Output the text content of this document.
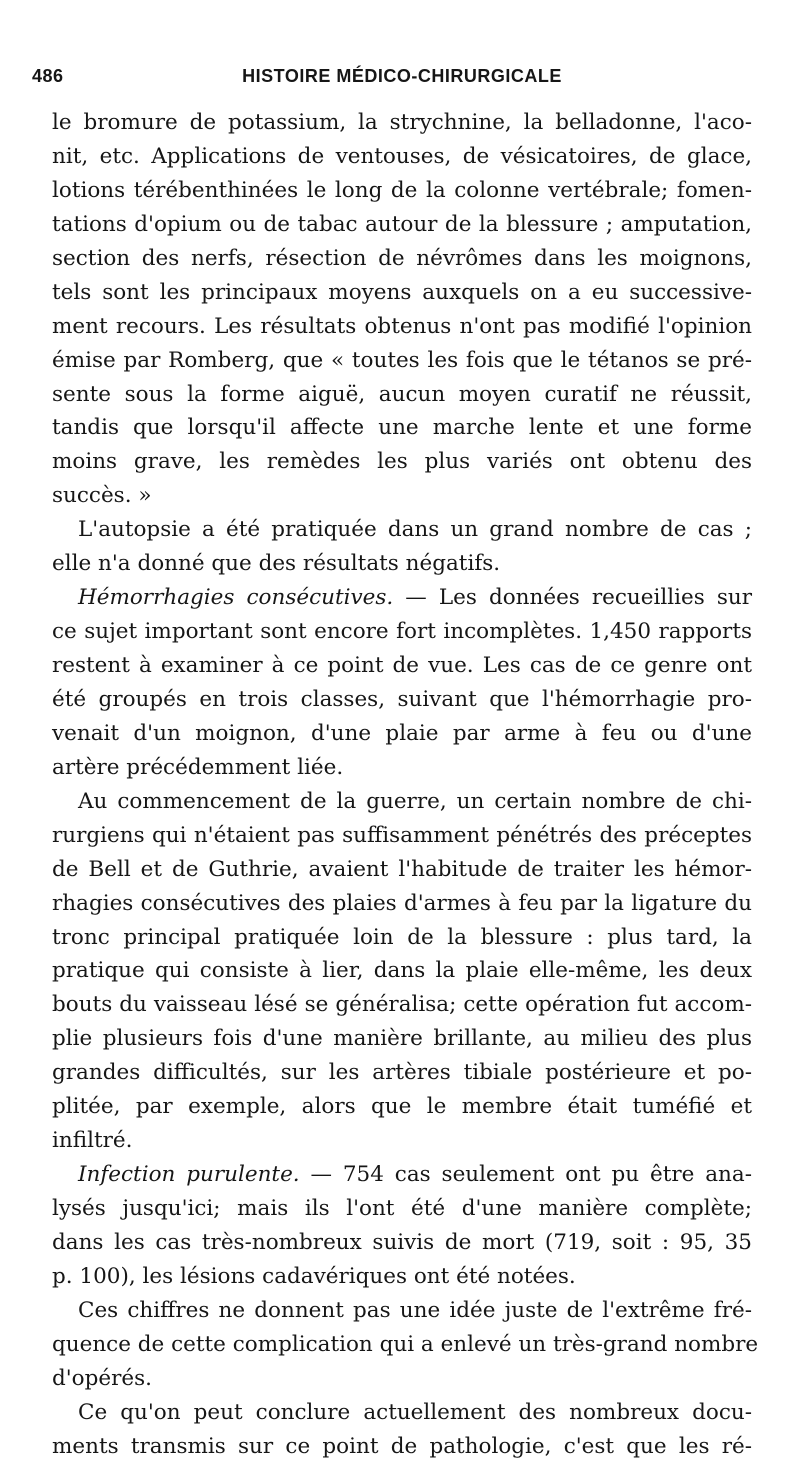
486	HISTOIRE MÉDICO-CHIRURGICALE
le bromure de potassium, la strychnine, la belladonne, l'aco-
nit, etc. Applications de ventouses, de vésicatoires, de glace,
lotions térébenthinées le long de la colonne vertébrale; fomen-
tations d'opium ou de tabac autour de la blessure ; amputation,
section des nerfs, résection de névrômes dans les moignons,
tels sont les principaux moyens auxquels on a eu successive-
ment recours. Les résultats obtenus n'ont pas modifié l'opinion
émise par Romberg, que « toutes les fois que le tétanos se pré-
sente sous la forme aiguë, aucun moyen curatif ne réussit,
tandis que lorsqu'il affecte une marche lente et une forme
moins grave, les remèdes les plus variés ont obtenu des
succès. »
L'autopsie a été pratiquée dans un grand nombre de cas ;
elle n'a donné que des résultats négatifs.
Hémorrhagies consécutives. — Les données recueillies sur
ce sujet important sont encore fort incomplètes. 1,450 rapports
restent à examiner à ce point de vue. Les cas de ce genre ont
été groupés en trois classes, suivant que l'hémorrhagie pro-
venait d'un moignon, d'une plaie par arme à feu ou d'une
artère précédemment liée.
Au commencement de la guerre, un certain nombre de chi-
rurgiens qui n'étaient pas suffisamment pénétrés des préceptes
de Bell et de Guthrie, avaient l'habitude de traiter les hémor-
rhagies consécutives des plaies d'armes à feu par la ligature du
tronc principal pratiquée loin de la blessure : plus tard, la
pratique qui consiste à lier, dans la plaie elle-même, les deux
bouts du vaisseau lésé se généralisa; cette opération fut accom-
plie plusieurs fois d'une manière brillante, au milieu des plus
grandes difficultés, sur les artères tibiale postérieure et po-
plitée, par exemple, alors que le membre était tuméfié et
infiltré.
Infection purulente. — 754 cas seulement ont pu être ana-
lysés jusqu'ici; mais ils l'ont été d'une manière complète;
dans les cas très-nombreux suivis de mort (719, soit : 95, 35
p. 100), les lésions cadavériques ont été notées.
Ces chiffres ne donnent pas une idée juste de l'extrême fré-
quence de cette complication qui a enlevé un très-grand nombre
d'opérés.
Ce qu'on peut conclure actuellement des nombreux docu-
ments transmis sur ce point de pathologie, c'est que les ré-
